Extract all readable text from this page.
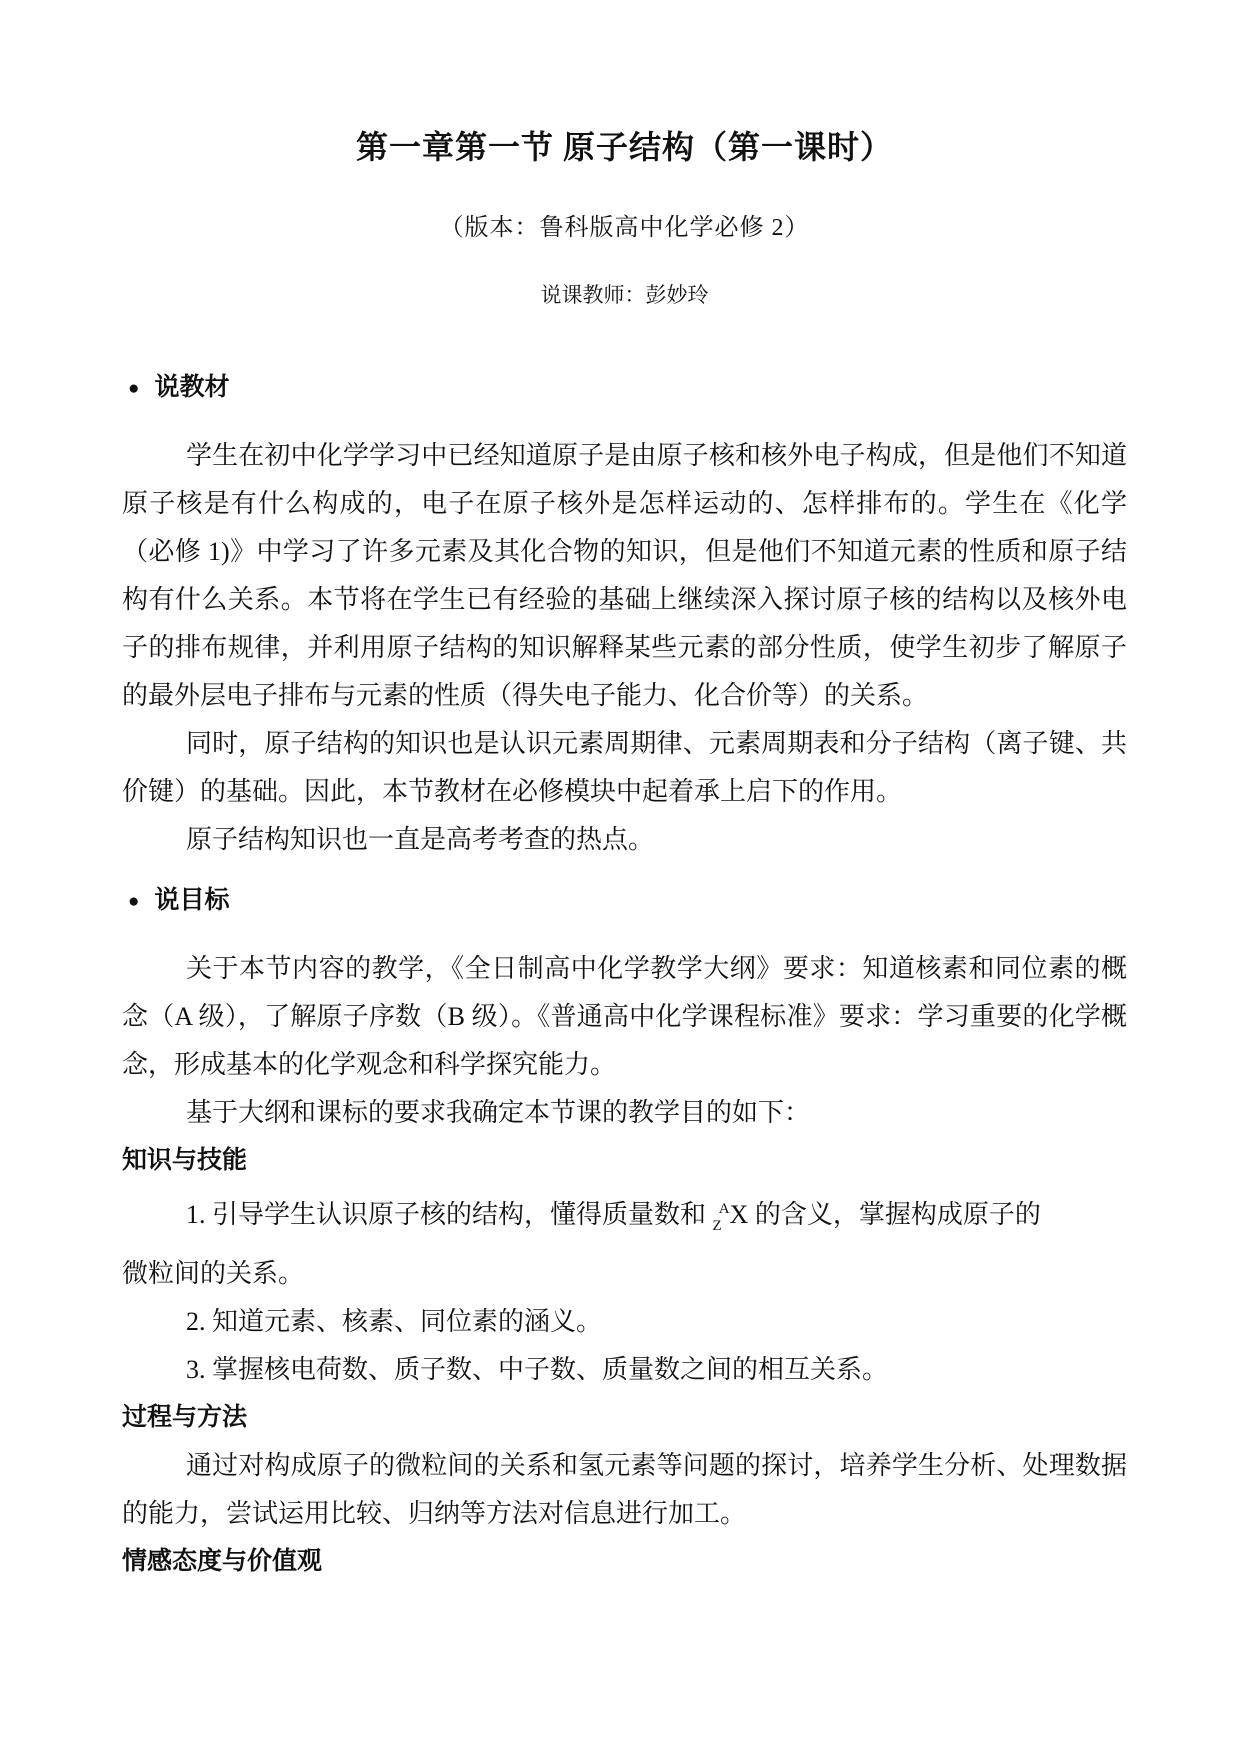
第一章第一节 原子结构（第一课时）
（版本：鲁科版高中化学必修 2）
说课教师：彭妙玲
● 说教材

学生在初中化学学习中已经知道原子是由原子核和核外电子构成，但是他们不知道原子核是有什么构成的，电子在原子核外是怎样运动的、怎样排布的。学生在《化学（必修 1)》中学习了许多元素及其化合物的知识，但是他们不知道元素的性质和原子结构有什么关系。本节将在学生已有经验的基础上继续深入探讨原子核的结构以及核外电子的排布规律，并利用原子结构的知识解释某些元素的部分性质，使学生初步了解原子的最外层电子排布与元素的性质（得失电子能力、化合价等）的关系。

同时，原子结构的知识也是认识元素周期律、元素周期表和分子结构（离子键、共价键）的基础。因此，本节教材在必修模块中起着承上启下的作用。

原子结构知识也一直是高考考查的热点。

● 说目标

关于本节内容的教学，《全日制高中化学教学大纲》要求：知道核素和同位素的概念（A 级），了解原子序数（B 级）。《普通高中化学课程标准》要求：学习重要的化学概念，形成基本的化学观念和科学探究能力。

基于大纲和课标的要求我确定本节课的教学目的如下：

知识与技能

1. 引导学生认识原子核的结构，懂得质量数和 $_Z^A$X 的含义，掌握构成原子的
微粒间的关系。

2. 知道元素、核素、同位素的涵义。

3. 掌握核电荷数、质子数、中子数、质量数之间的相互关系。

过程与方法

通过对构成原子的微粒间的关系和氢元素等问题的探讨，培养学生分析、处理数据的能力，尝试运用比较、归纳等方法对信息进行加工。

情感态度与价值观
